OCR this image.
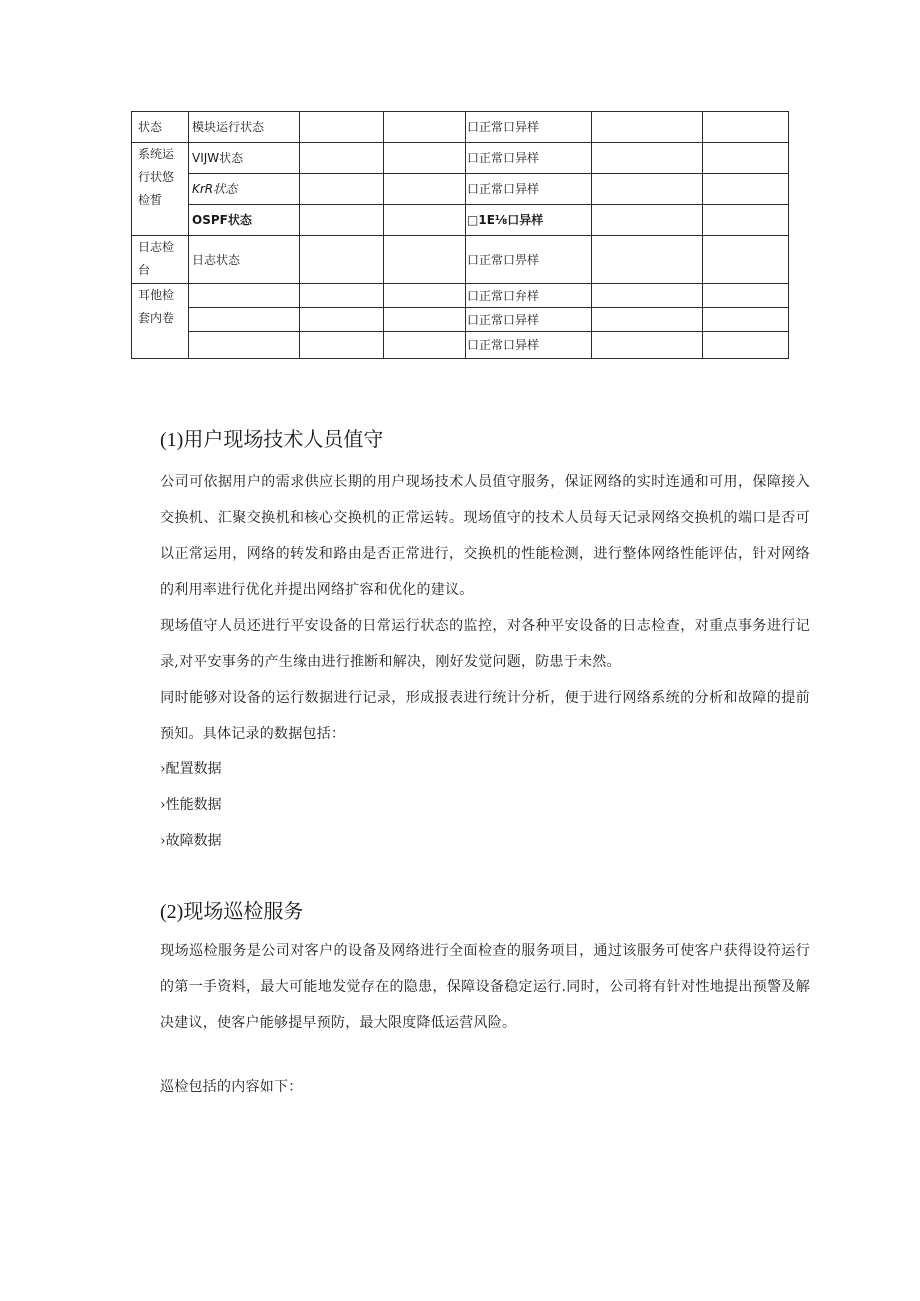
状态	模块运行状态			口正常口异样		
系统运行状悠检皙	VIJW状态			口正常口异样		
	KrR状态			口正常口异样		
	OSPF状态			□1E⅛口异样		
日志检台	日志状态			口正常口畀样		
耳他检套内卷				口正常口弁样		
				口正常口异样		
				口正常口异样		
(1)用户现场技术人员值守

公司可依据用户的需求供应长期的用户现场技术人员值守服务，保证网络的实时连通和可用，保障接入交换机、汇聚交换机和核心交换机的正常运转。现场值守的技术人员每天记录网络交换机的端口是否可以正常运用，网络的转发和路由是否正常进行，交换机的性能检测，进行整体网络性能评估，针对网络的利用率进行优化并提出网络扩容和优化的建议。

现场值守人员还进行平安设备的日常运行状态的监控，对各种平安设备的日志检查，对重点事务进行记录,对平安事务的产生缘由进行推断和解决，刚好发觉问题，防患于未然。

同时能够对设备的运行数据进行记录，形成报表进行统计分析，便于进行网络系统的分析和故障的提前预知。具体记录的数据包括：

›配置数据
›性能数据
›故障数据
(2)现场巡检服务

现场巡检服务是公司对客户的设备及网络进行全面检查的服务项目，通过该服务可使客户获得设符运行的第一手资料，最大可能地发觉存在的隐患，保障设备稳定运行.同时，公司将有针对性地提出预警及解决建议，使客户能够提早预防，最大限度降低运营风险。

巡检包括的内容如下：
